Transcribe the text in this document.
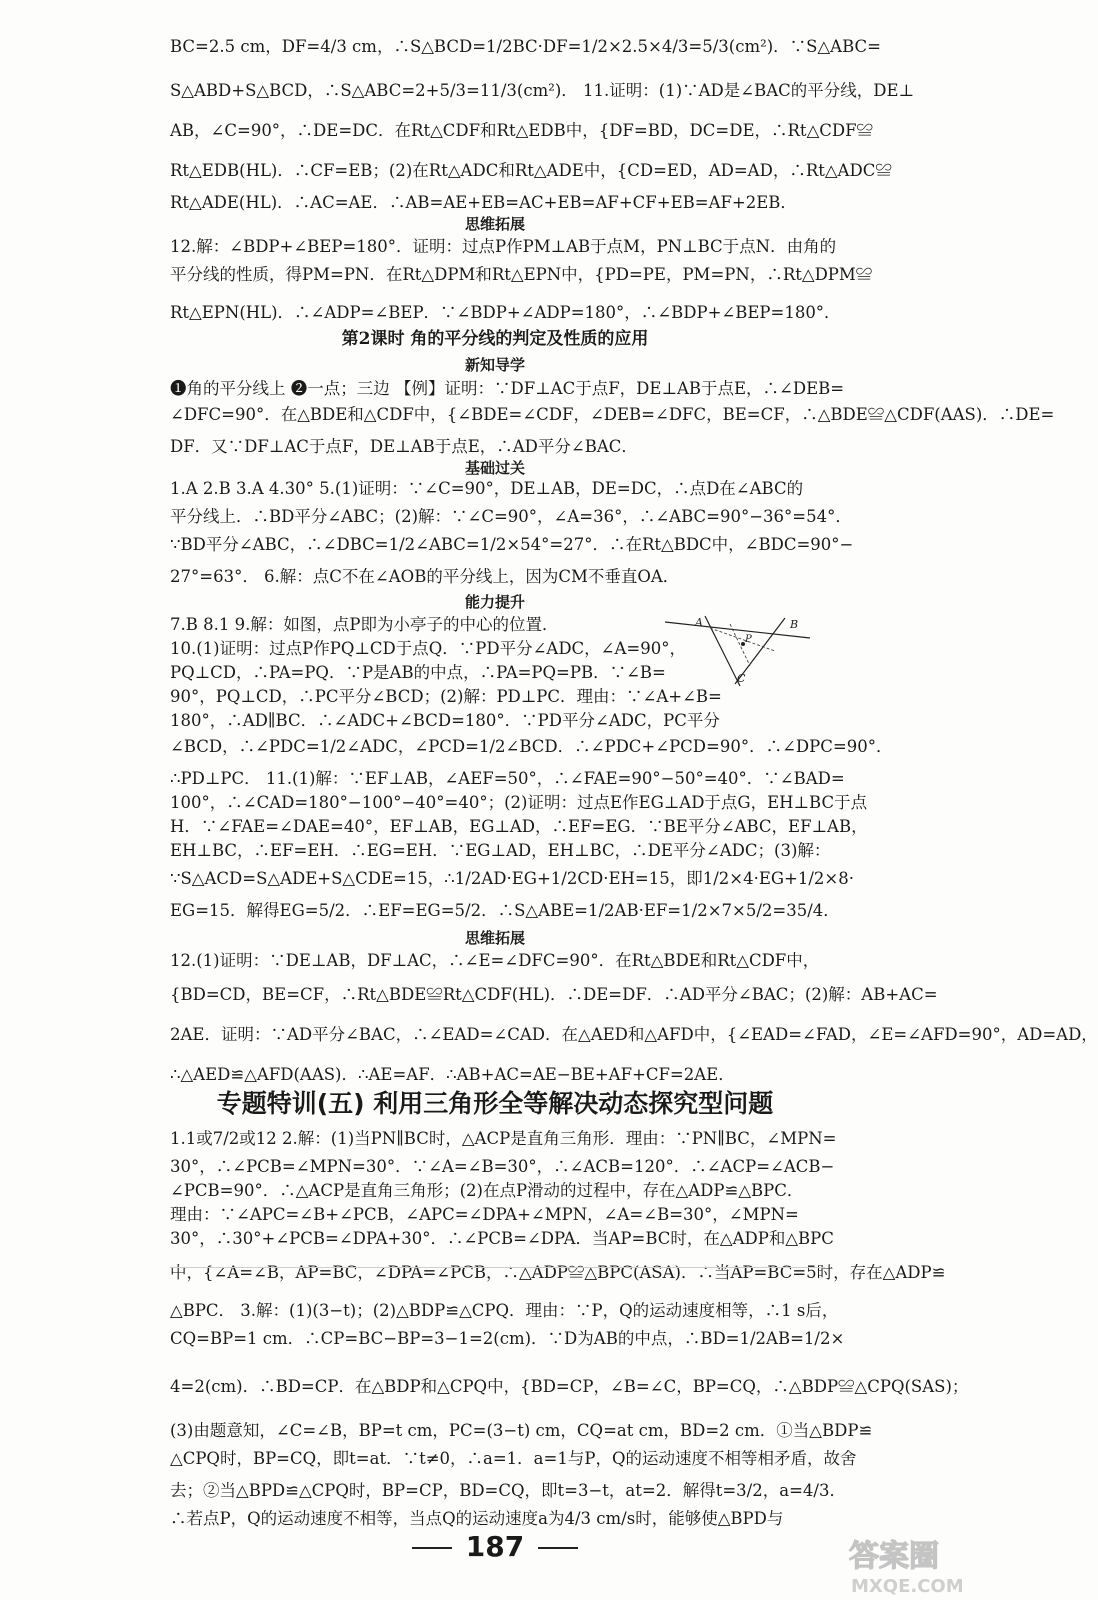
BC=2.5 cm，DF=4/3 cm，∴S△BCD=1/2BC·DF=1/2×2.5×4/3=5/3(cm²)．∵S△ABC=
S△ABD+S△BCD，∴S△ABC=2+5/3=11/3(cm²)． 11.证明：(1)∵AD是∠BAC的平分线，DE⊥
AB，∠C=90°，∴DE=DC．在Rt△CDF和Rt△EDB中，{DF=BD，DC=DE，∴Rt△CDF≌
Rt△EDB(HL)．∴CF=EB；(2)在Rt△ADC和Rt△ADE中，{CD=ED，AD=AD，∴Rt△ADC≌
Rt△ADE(HL)．∴AC=AE．∴AB=AE+EB=AC+EB=AF+CF+EB=AF+2EB．
思维拓展
12.解：∠BDP+∠BEP=180°．证明：过点P作PM⊥AB于点M，PN⊥BC于点N．由角的
平分线的性质，得PM=PN．在Rt△DPM和Rt△EPN中，{PD=PE，PM=PN，∴Rt△DPM≌
Rt△EPN(HL)．∴∠ADP=∠BEP．∵∠BDP+∠ADP=180°，∴∠BDP+∠BEP=180°．
第2课时 角的平分线的判定及性质的应用
新知导学
❶角的平分线上 ❷一点；三边 【例】证明：∵DF⊥AC于点F，DE⊥AB于点E，∴∠DEB=
∠DFC=90°．在△BDE和△CDF中，{∠BDE=∠CDF，∠DEB=∠DFC，BE=CF，∴△BDE≌△CDF(AAS)．∴DE=
DF．又∵DF⊥AC于点F，DE⊥AB于点E，∴AD平分∠BAC．
基础过关
1.A 2.B 3.A 4.30° 5.(1)证明：∵∠C=90°，DE⊥AB，DE=DC，∴点D在∠ABC的
平分线上．∴BD平分∠ABC；(2)解：∵∠C=90°，∠A=36°，∴∠ABC=90°−36°=54°．
∵BD平分∠ABC，∴∠DBC=1/2∠ABC=1/2×54°=27°．∴在Rt△BDC中，∠BDC=90°−
27°=63°． 6.解：点C不在∠AOB的平分线上，因为CM不垂直OA．
能力提升
7.B 8.1 9.解：如图，点P即为小亭子的中心的位置．
10.(1)证明：过点P作PQ⊥CD于点Q．∵PD平分∠ADC，∠A=90°，
PQ⊥CD，∴PA=PQ．∵P是AB的中点，∴PA=PQ=PB．∵∠B=
90°，PQ⊥CD，∴PC平分∠BCD；(2)解：PD⊥PC．理由：∵∠A+∠B=
180°，∴AD∥BC．∴∠ADC+∠BCD=180°．∵PD平分∠ADC，PC平分
∠BCD，∴∠PDC=1/2∠ADC，∠PCD=1/2∠BCD．∴∠PDC+∠PCD=90°．∴∠DPC=90°．
∴PD⊥PC． 11.(1)解：∵EF⊥AB，∠AEF=50°，∴∠FAE=90°−50°=40°．∵∠BAD=
100°，∴∠CAD=180°−100°−40°=40°；(2)证明：过点E作EG⊥AD于点G，EH⊥BC于点
H．∵∠FAE=∠DAE=40°，EF⊥AB，EG⊥AD，∴EF=EG．∵BE平分∠ABC，EF⊥AB，
EH⊥BC，∴EF=EH．∴EG=EH．∵EG⊥AD，EH⊥BC，∴DE平分∠ADC；(3)解：
∵S△ACD=S△ADE+S△CDE=15，∴1/2AD·EG+1/2CD·EH=15，即1/2×4·EG+1/2×8·
EG=15．解得EG=5/2．∴EF=EG=5/2．∴S△ABE=1/2AB·EF=1/2×7×5/2=35/4．
思维拓展
12.(1)证明：∵DE⊥AB，DF⊥AC，∴∠E=∠DFC=90°．在Rt△BDE和Rt△CDF中，
{BD=CD，BE=CF，∴Rt△BDE≌Rt△CDF(HL)．∴DE=DF．∴AD平分∠BAC；(2)解：AB+AC=
2AE．证明：∵AD平分∠BAC，∴∠EAD=∠CAD．在△AED和△AFD中，{∠EAD=∠FAD，∠E=∠AFD=90°，AD=AD，
∴△AED≌△AFD(AAS)．∴AE=AF．∴AB+AC=AE−BE+AF+CF=2AE．
专题特训(五) 利用三角形全等解决动态探究型问题
1.1或7/2或12 2.解：(1)当PN∥BC时，△ACP是直角三角形．理由：∵PN∥BC，∠MPN=
30°，∴∠PCB=∠MPN=30°．∵∠A=∠B=30°，∴∠ACB=120°．∴∠ACP=∠ACB−
∠PCB=90°．∴△ACP是直角三角形；(2)在点P滑动的过程中，存在△ADP≌△BPC．
理由：∵∠APC=∠B+∠PCB，∠APC=∠DPA+∠MPN，∠A=∠B=30°，∠MPN=
30°，∴30°+∠PCB=∠DPA+30°．∴∠PCB=∠DPA．当AP=BC时，在△ADP和△BPC
中，{∠A=∠B，AP=BC，∠DPA=∠PCB，∴△ADP≌△BPC(ASA)．∴当AP=BC=5时，存在△ADP≌
△BPC． 3.解：(1)(3−t)；(2)△BDP≌△CPQ．理由：∵P，Q的运动速度相等，∴1 s后，
CQ=BP=1 cm．∴CP=BC−BP=3−1=2(cm)．∵D为AB的中点，∴BD=1/2AB=1/2×
4=2(cm)．∴BD=CP．在△BDP和△CPQ中，{BD=CP，∠B=∠C，BP=CQ，∴△BDP≌△CPQ(SAS)；
(3)由题意知，∠C=∠B，BP=t cm，PC=(3−t) cm，CQ=at cm，BD=2 cm．①当△BDP≌
△CPQ时，BP=CQ，即t=at．∵t≠0，∴a=1．a=1与P，Q的运动速度不相等相矛盾，故舍
去；②当△BPD≌△CPQ时，BP=CP，BD=CQ，即t=3−t，at=2．解得t=3/2，a=4/3．
∴若点P，Q的运动速度不相等，当点Q的运动速度a为4/3 cm/s时，能够使△BPD与
A	B
P
C
187	答案圈
MXQE.COM
